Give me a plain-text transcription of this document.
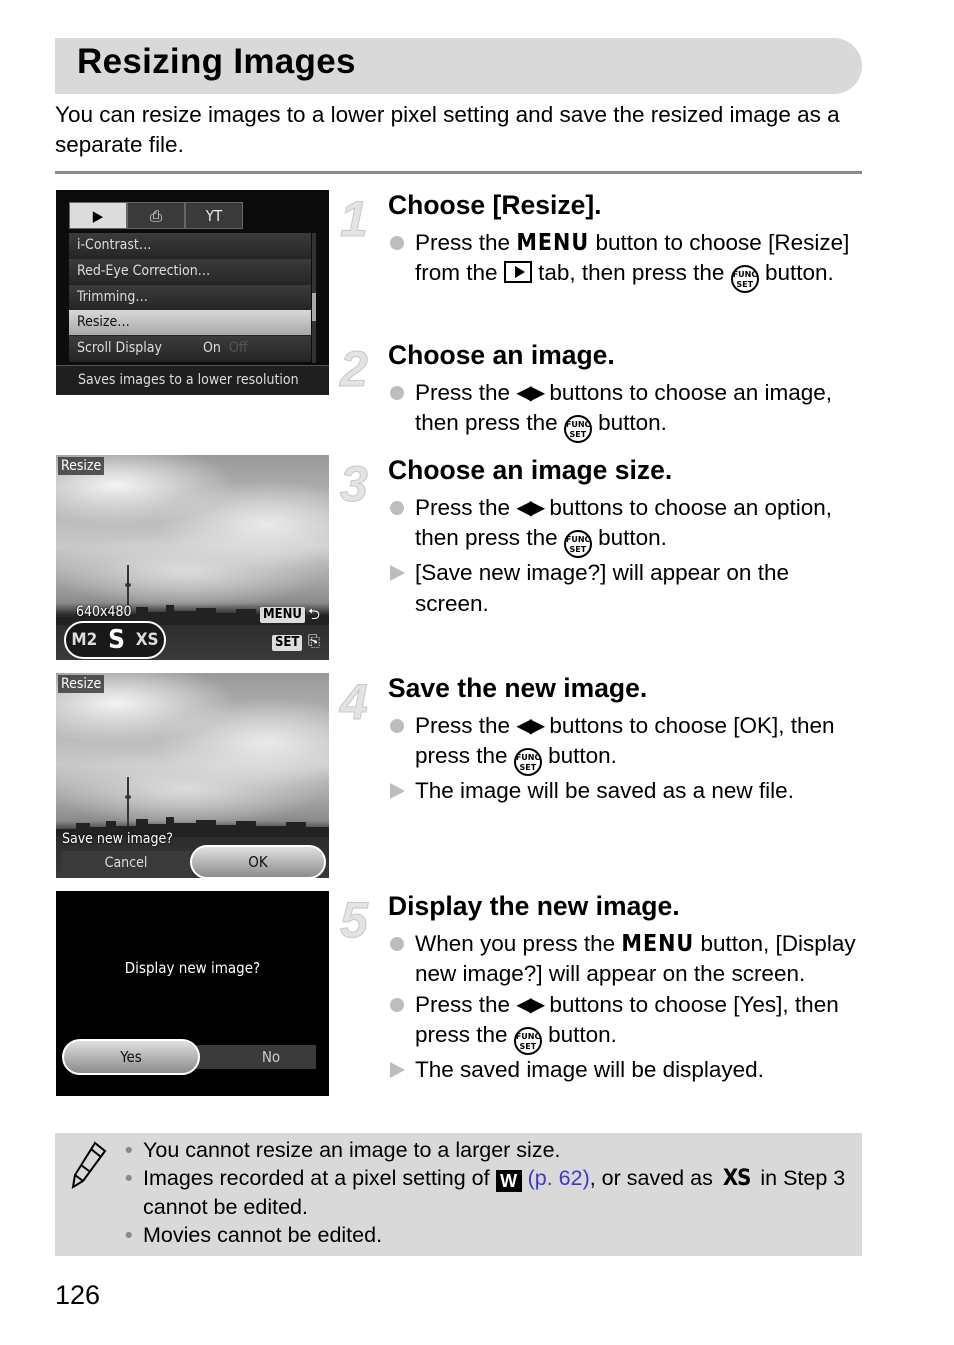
Resizing Images

You can resize images to a lower pixel setting and save the resized image as a separate file.

▶	⎙	ΥΤ
i-Contrast…
Red-Eye Correction…
Trimming…
Resize…
Scroll Display	On Off
Saves images to a lower resolution
Resize
640x480
M2 S XS
MENU ⮌
SET ⎘
Resize
Save new image?
Cancel	OK
Display new image?
Yes	No
1 Choose [Resize].
Press the MENU button to choose [Resize] from the tab, then press the FUNC
SET button.
2 Choose an image.
Press the ◀▶ buttons to choose an image, then press the FUNC
SET button.
3 Choose an image size.
Press the ◀▶ buttons to choose an option, then press the FUNC
SET button.
[Save new image?] will appear on the screen.
4 Save the new image.
Press the ◀▶ buttons to choose [OK], then press the FUNC
SET button.
The image will be saved as a new file.
5 Display the new image.
When you press the MENU button, [Display new image?] will appear on the screen.
Press the ◀▶ buttons to choose [Yes], then press the FUNC
SET button.
The saved image will be displayed.
• You cannot resize an image to a larger size.
• Images recorded at a pixel setting of W (p. 62), or saved as XS in Step 3 cannot be edited.
• Movies cannot be edited.
126
